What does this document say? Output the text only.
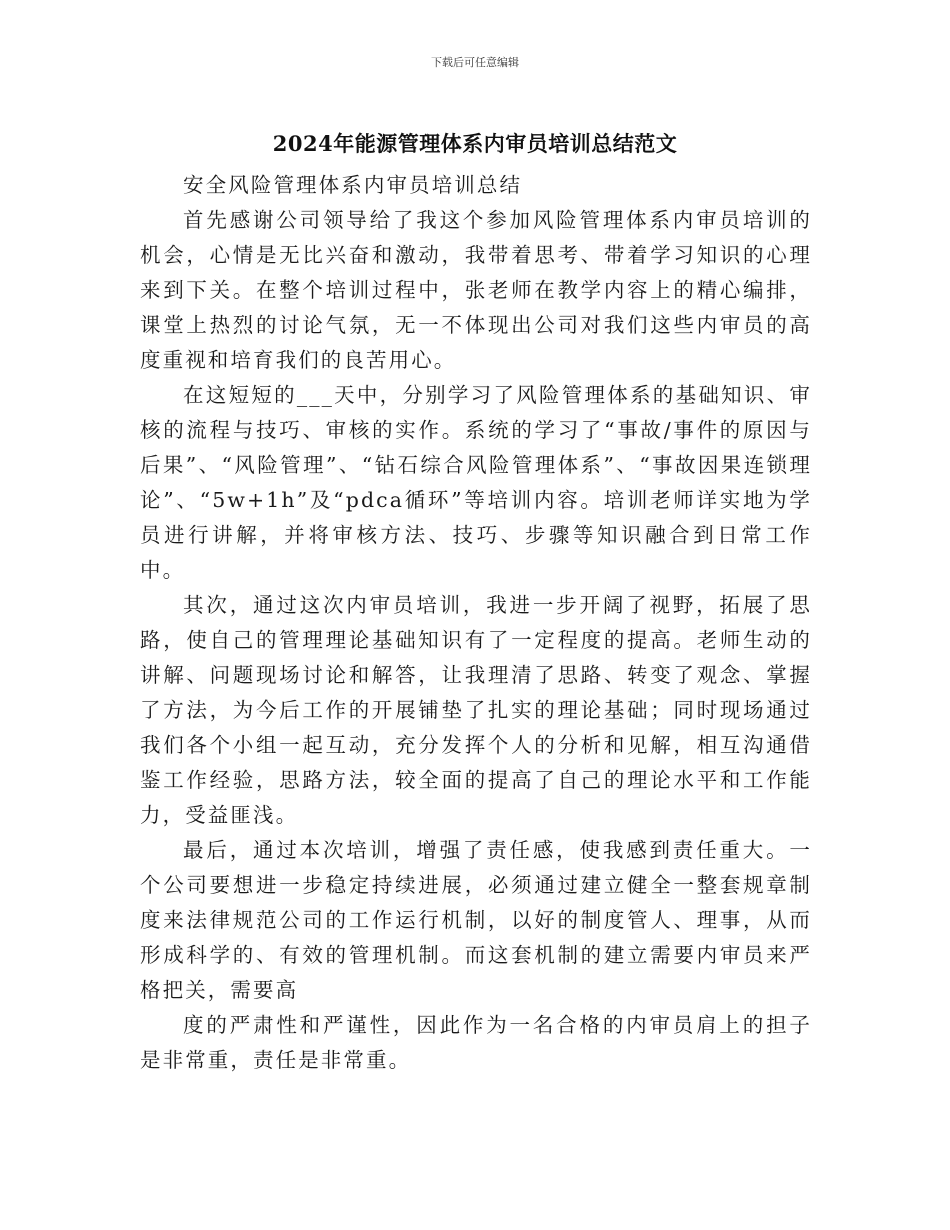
下载后可任意编辑
2024年能源管理体系内审员培训总结范文

安全风险管理体系内审员培训总结

首先感谢公司领导给了我这个参加风险管理体系内审员培训的机会，心情是无比兴奋和激动，我带着思考、带着学习知识的心理来到下关。在整个培训过程中，张老师在教学内容上的精心编排，课堂上热烈的讨论气氛，无一不体现出公司对我们这些内审员的高度重视和培育我们的良苦用心。

在这短短的___天中，分别学习了风险管理体系的基础知识、审核的流程与技巧、审核的实作。系统的学习了“事故/事件的原因与后果”、“风险管理”、“钻石综合风险管理体系”、“事故因果连锁理论”、“5w+1h”及“pdca循环”等培训内容。培训老师详实地为学员进行讲解，并将审核方法、技巧、步骤等知识融合到日常工作中。

其次，通过这次内审员培训，我进一步开阔了视野，拓展了思路，使自己的管理理论基础知识有了一定程度的提高。老师生动的讲解、问题现场讨论和解答，让我理清了思路、转变了观念、掌握了方法，为今后工作的开展铺垫了扎实的理论基础；同时现场通过我们各个小组一起互动，充分发挥个人的分析和见解，相互沟通借鉴工作经验，思路方法，较全面的提高了自己的理论水平和工作能力，受益匪浅。

最后，通过本次培训，增强了责任感，使我感到责任重大。一个公司要想进一步稳定持续进展，必须通过建立健全一整套规章制度来法律规范公司的工作运行机制，以好的制度管人、理事，从而形成科学的、有效的管理机制。而这套机制的建立需要内审员来严格把关，需要高

度的严肃性和严谨性，因此作为一名合格的内审员肩上的担子是非常重，责任是非常重。
